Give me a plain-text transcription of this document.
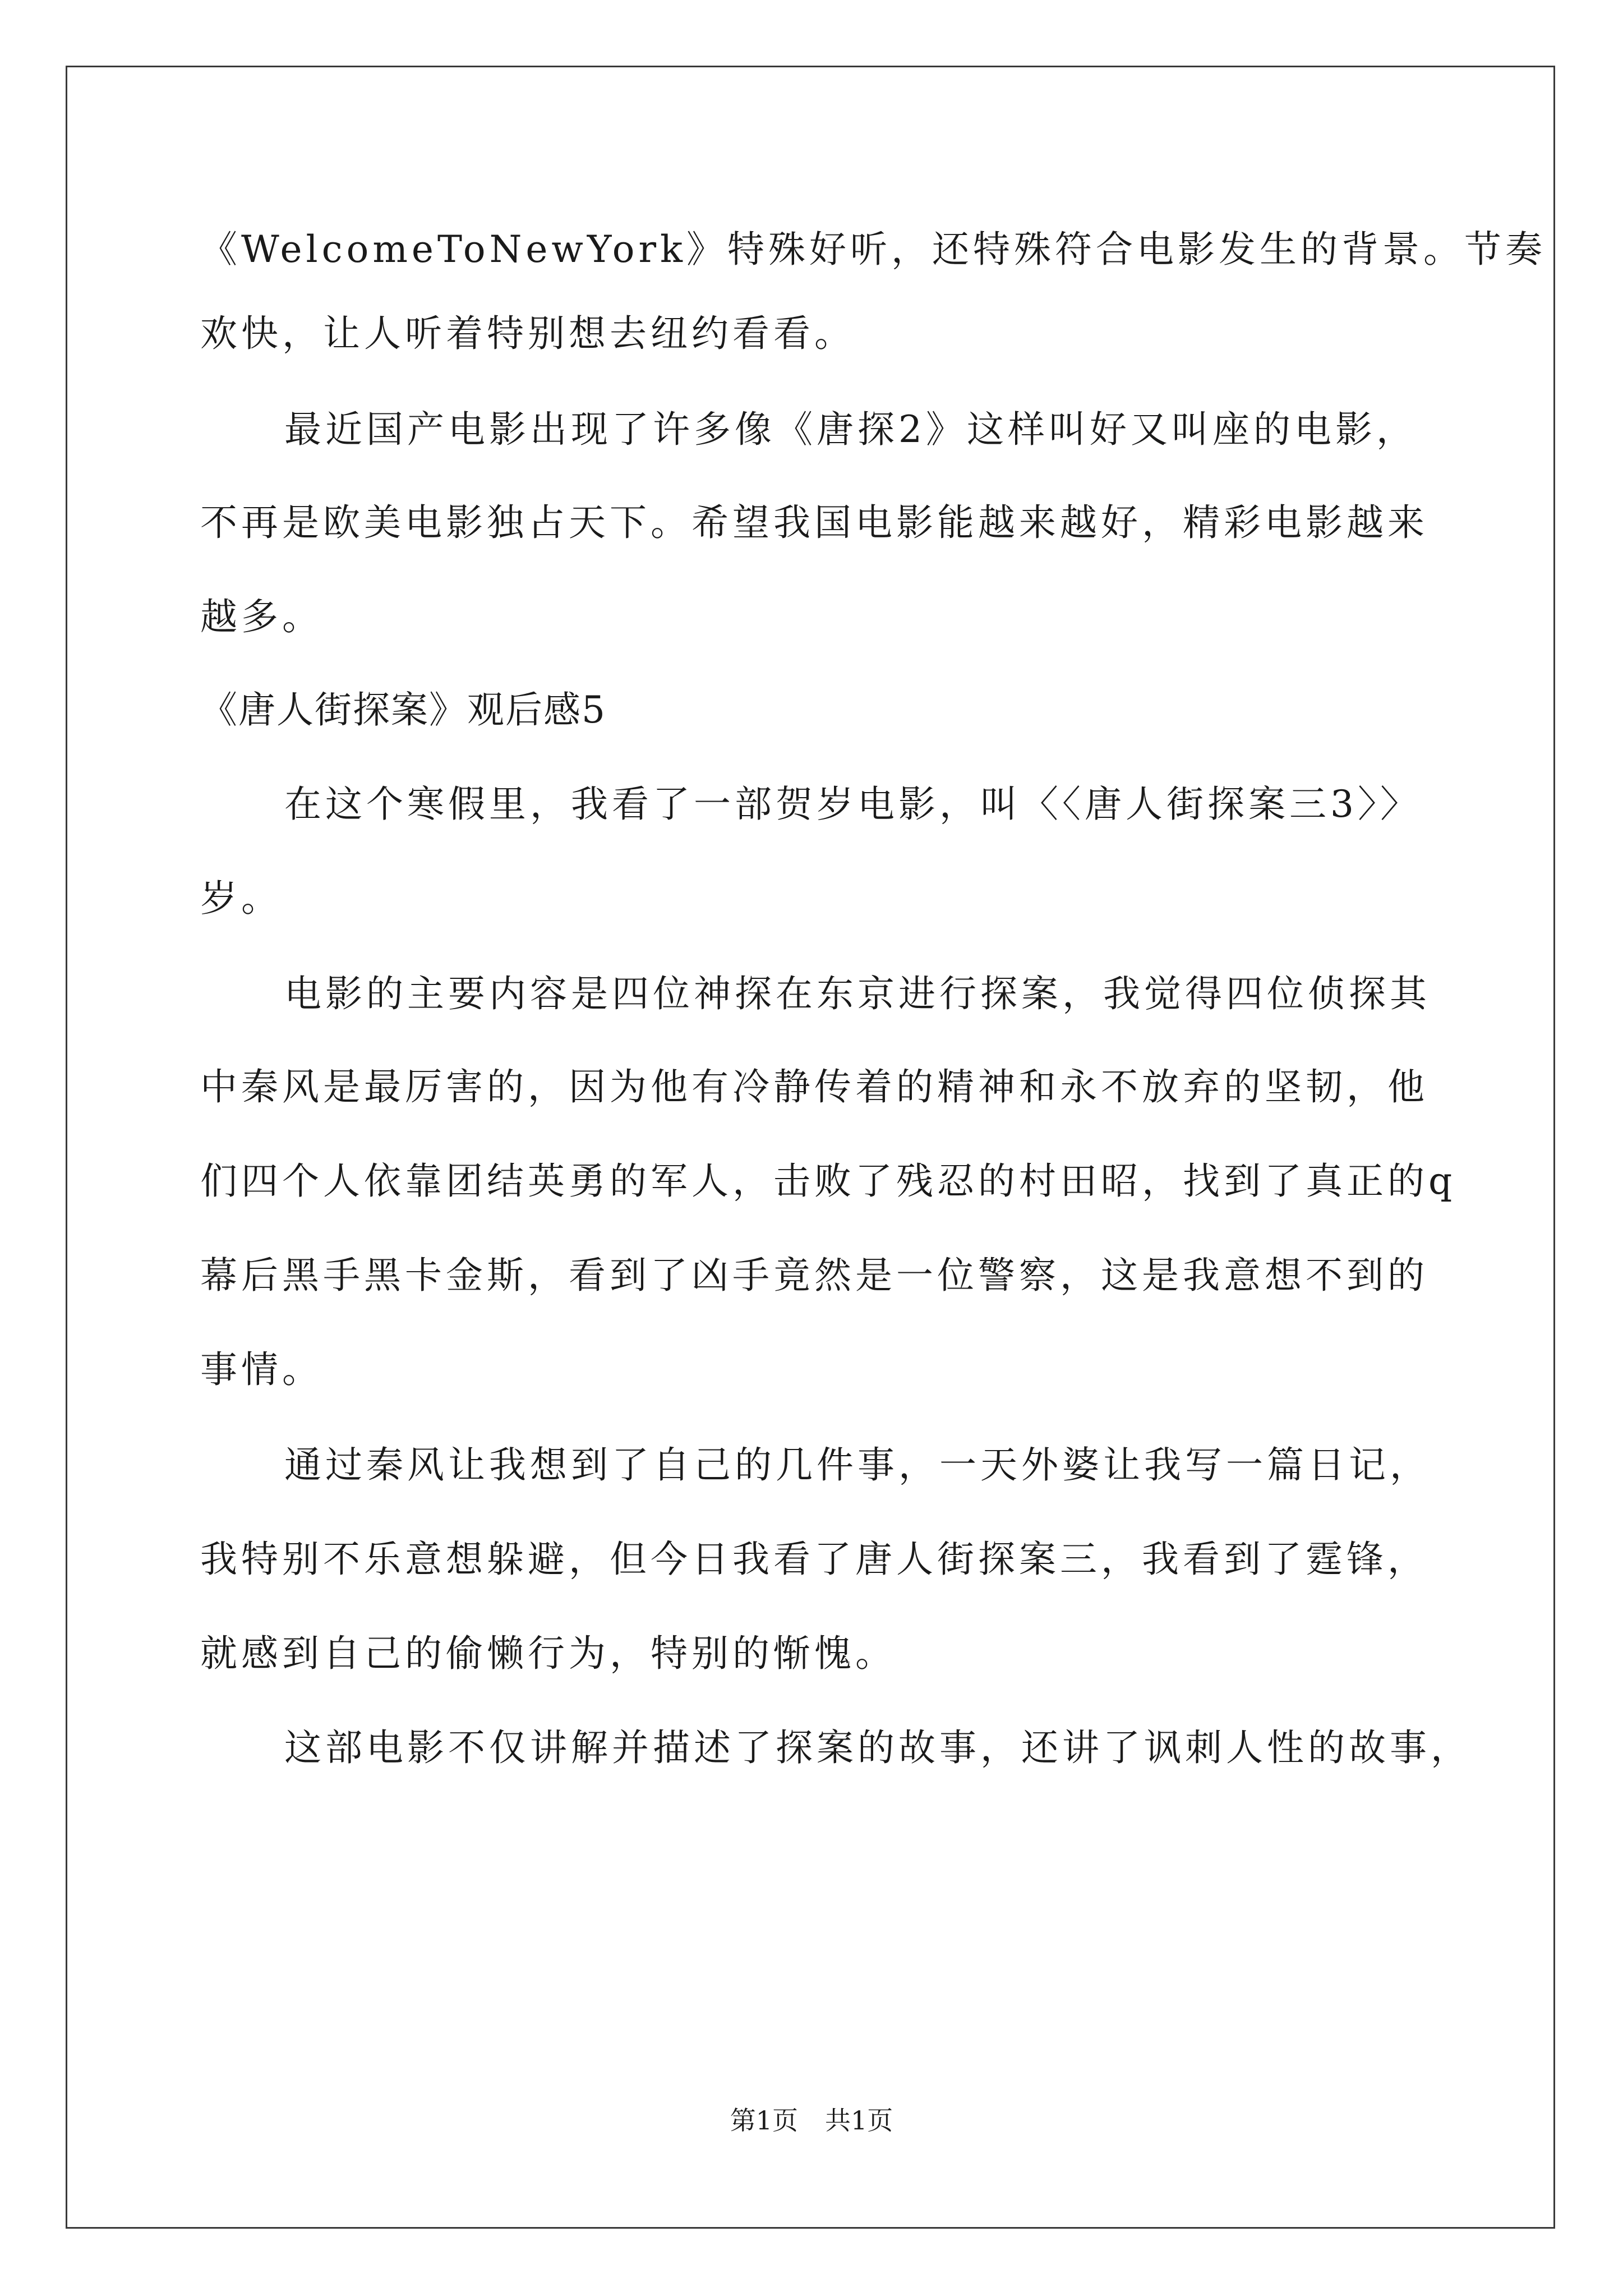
《WelcomeToNewYork》特殊好听，还特殊符合电影发生的背景。节奏
欢快，让人听着特别想去纽约看看。
最近国产电影出现了许多像《唐探2》这样叫好又叫座的电影，
不再是欧美电影独占天下。希望我国电影能越来越好，精彩电影越来
越多。
《唐人街探案》观后感5
在这个寒假里，我看了一部贺岁电影，叫〈〈唐人街探案三3〉〉
岁。
电影的主要内容是四位神探在东京进行探案，我觉得四位侦探其
中秦风是最厉害的，因为他有冷静传着的精神和永不放弃的坚韧，他
们四个人依靠团结英勇的军人，击败了残忍的村田昭，找到了真正的q
幕后黑手黑卡金斯，看到了凶手竟然是一位警察，这是我意想不到的
事情。
通过秦风让我想到了自己的几件事，一天外婆让我写一篇日记，
我特别不乐意想躲避，但今日我看了唐人街探案三，我看到了霆锋，
就感到自己的偷懒行为，特别的惭愧。
这部电影不仅讲解并描述了探案的故事，还讲了讽刺人性的故事，
第1页 共1页
